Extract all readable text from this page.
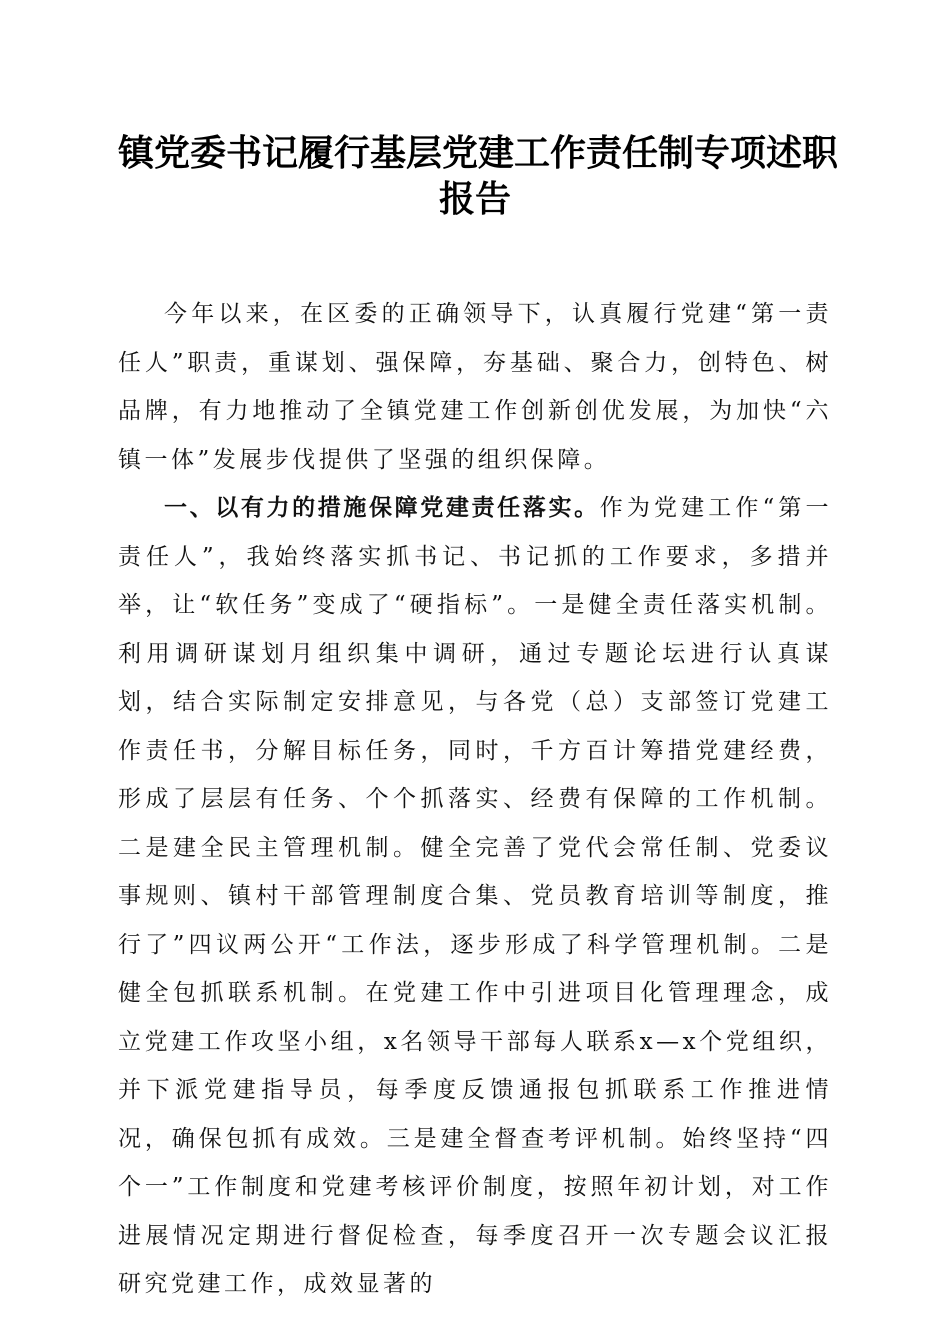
镇党委书记履行基层党建工作责任制专项述职
报告

今年以来，在区委的正确领导下，认真履行党建“第一责任人”职责，重谋划、强保障，夯基础、聚合力，创特色、树品牌，有力地推动了全镇党建工作创新创优发展，为加快“六镇一体”发展步伐提供了坚强的组织保障。

一、以有力的措施保障党建责任落实。作为党建工作“第一责任人”，我始终落实抓书记、书记抓的工作要求，多措并举，让“软任务”变成了“硬指标”。一是健全责任落实机制。利用调研谋划月组织集中调研，通过专题论坛进行认真谋划，结合实际制定安排意见，与各党（总）支部签订党建工作责任书，分解目标任务，同时，千方百计筹措党建经费，形成了层层有任务、个个抓落实、经费有保障的工作机制。二是建全民主管理机制。健全完善了党代会常任制、党委议事规则、镇村干部管理制度合集、党员教育培训等制度，推行了”四议两公开“工作法，逐步形成了科学管理机制。二是健全包抓联系机制。在党建工作中引进项目化管理理念，成立党建工作攻坚小组，x名领导干部每人联系x—x个党组织，并下派党建指导员，每季度反馈通报包抓联系工作推进情况，确保包抓有成效。三是建全督查考评机制。始终坚持“四个一”工作制度和党建考核评价制度，按照年初计划，对工作进展情况定期进行督促检查，每季度召开一次专题会议汇报研究党建工作，成效显著的
